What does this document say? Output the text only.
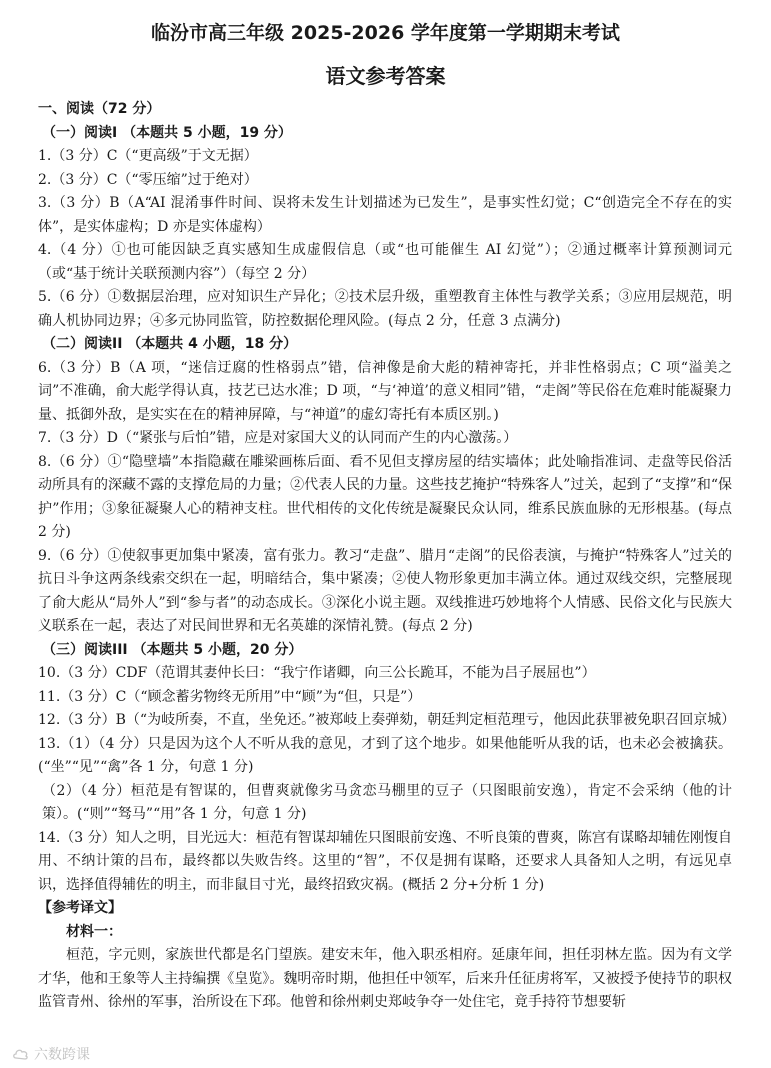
临汾市高三年级 2025-2026 学年度第一学期期末考试
语文参考答案

一、阅读（72 分）

（一）阅读I （本题共 5 小题，19 分）

1.（3 分）C（“更高级”于文无据）

2.（3 分）C（“零压缩”过于绝对）

3.（3 分）B（A“AI 混淆事件时间、误将未发生计划描述为已发生”，是事实性幻觉；C“创造完全不存在的实体”，是实体虚构；D 亦是实体虚构）

4.（4 分）①也可能因缺乏真实感知生成虚假信息（或“也可能催生 AI 幻觉”）；②通过概率计算预测词元（或“基于统计关联预测内容”）（每空 2 分）

5.（6 分）①数据层治理，应对知识生产异化；②技术层升级，重塑教育主体性与教学关系；③应用层规范，明确人机协同边界；④多元协同监管，防控数据伦理风险。(每点 2 分，任意 3 点满分)

（二）阅读II （本题共 4 小题，18 分）

6.（3 分）B（A 项，“迷信迂腐的性格弱点”错，信神像是俞大彪的精神寄托，并非性格弱点；C 项“溢美之词”不准确，俞大彪学得认真，技艺已达水准；D 项，“与‘神道’的意义相同”错，“走阁”等民俗在危难时能凝聚力量、抵御外敌，是实实在在的精神屏障，与“神道”的虚幻寄托有本质区别。)

7.（3 分）D（“紧张与后怕”错，应是对家国大义的认同而产生的内心激荡。）

8.（6 分）①“隐壁墙”本指隐藏在雕梁画栋后面、看不见但支撑房屋的结实墙体；此处喻指准词、走盘等民俗活动所具有的深藏不露的支撑危局的力量；②代表人民的力量。这些技艺掩护“特殊客人”过关，起到了“支撑”和“保护”作用；③象征凝聚人心的精神支柱。世代相传的文化传统是凝聚民众认同，维系民族血脉的无形根基。(每点 2 分)

9.（6 分）①使叙事更加集中紧凑，富有张力。教习“走盘”、腊月“走阁”的民俗表演，与掩护“特殊客人”过关的抗日斗争这两条线索交织在一起，明暗结合，集中紧凑；②使人物形象更加丰满立体。通过双线交织，完整展现了俞大彪从“局外人”到“参与者”的动态成长。③深化小说主题。双线推进巧妙地将个人情感、民俗文化与民族大义联系在一起，表达了对民间世界和无名英雄的深情礼赞。(每点 2 分)

（三）阅读III （本题共 5 小题，20 分）

10.（3 分）CDF（范谓其妻仲长曰：“我宁作诸卿，向三公长跪耳，不能为吕子展屈也”）

11.（3 分）C（“顾念蓄劣物终无所用”中“顾”为“但，只是”）

12.（3 分）B（“为岐所奏，不直，坐免还。”被郑岐上奏弹劾，朝廷判定桓范理亏，他因此获罪被免职召回京城）

13.（1）（4 分）只是因为这个人不听从我的意见，才到了这个地步。如果他能听从我的话，也未必会被擒获。(“坐”“见”“禽”各 1 分，句意 1 分)

（2）（4 分）桓范是有智谋的，但曹爽就像劣马贪恋马棚里的豆子（只图眼前安逸），肯定不会采纳（他的计策）。(“则”“驽马”“用”各 1 分，句意 1 分)

14.（3 分）知人之明，目光远大：桓范有智谋却辅佐只图眼前安逸、不听良策的曹爽，陈宫有谋略却辅佐刚愎自用、不纳计策的吕布，最终都以失败告终。这里的“智”，不仅是拥有谋略，还要求人具备知人之明，有远见卓识，选择值得辅佐的明主，而非鼠目寸光，最终招致灾祸。(概括 2 分+分析 1 分)

【参考译文】

材料一：

桓范，字元则，家族世代都是名门望族。建安末年，他入职丞相府。延康年间，担任羽林左监。因为有文学才华，他和王象等人主持编撰《皇览》。魏明帝时期，他担任中领军，后来升任征虏将军，又被授予使持节的职权监管青州、徐州的军事，治所设在下邳。他曾和徐州刺史郑岐争夺一处住宅，竟手持符节想要斩

六数跨课
